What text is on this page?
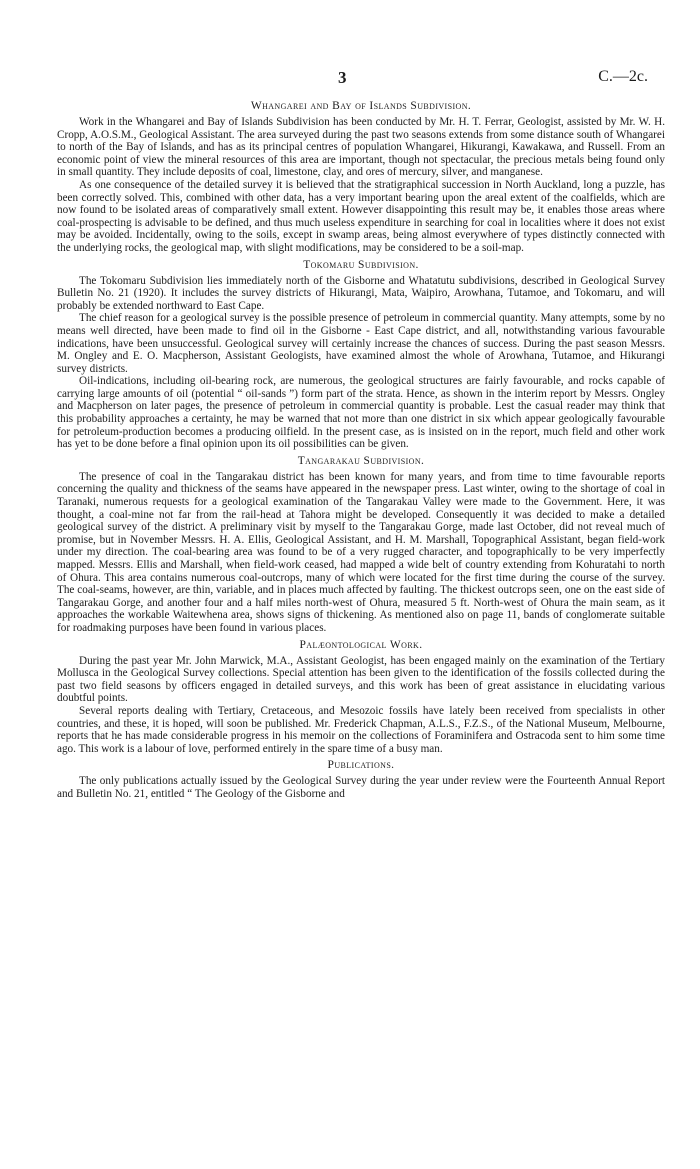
3	C.—2c.
Whangarei and Bay of Islands Subdivision.

Work in the Whangarei and Bay of Islands Subdivision has been conducted by Mr. H. T. Ferrar, Geologist, assisted by Mr. W. H. Cropp, A.O.S.M., Geological Assistant. The area surveyed during the past two seasons extends from some distance south of Whangarei to north of the Bay of Islands, and has as its principal centres of population Whangarei, Hikurangi, Kawakawa, and Russell. From an economic point of view the mineral resources of this area are important, though not spectacular, the precious metals being found only in small quantity. They include deposits of coal, limestone, clay, and ores of mercury, silver, and manganese.

As one consequence of the detailed survey it is believed that the stratigraphical succession in North Auckland, long a puzzle, has been correctly solved. This, combined with other data, has a very important bearing upon the areal extent of the coalfields, which are now found to be isolated areas of comparatively small extent. However disappointing this result may be, it enables those areas where coal-prospecting is advisable to be defined, and thus much useless expenditure in searching for coal in localities where it does not exist may be avoided. Incidentally, owing to the soils, except in swamp areas, being almost everywhere of types distinctly connected with the underlying rocks, the geological map, with slight modifications, may be considered to be a soil-map.

Tokomaru Subdivision.

The Tokomaru Subdivision lies immediately north of the Gisborne and Whatatutu subdivisions, described in Geological Survey Bulletin No. 21 (1920). It includes the survey districts of Hikurangi, Mata, Waipiro, Arowhana, Tutamoe, and Tokomaru, and will probably be extended northward to East Cape.

The chief reason for a geological survey is the possible presence of petroleum in commercial quantity. Many attempts, some by no means well directed, have been made to find oil in the Gisborne - East Cape district, and all, notwithstanding various favourable indications, have been unsuccessful. Geological survey will certainly increase the chances of success. During the past season Messrs. M. Ongley and E. O. Macpherson, Assistant Geologists, have examined almost the whole of Arowhana, Tutamoe, and Hikurangi survey districts.

Oil-indications, including oil-bearing rock, are numerous, the geological structures are fairly favourable, and rocks capable of carrying large amounts of oil (potential “ oil-sands ”) form part of the strata. Hence, as shown in the interim report by Messrs. Ongley and Macpherson on later pages, the presence of petroleum in commercial quantity is probable. Lest the casual reader may think that this probability approaches a certainty, he may be warned that not more than one district in six which appear geologically favourable for petroleum-production becomes a producing oilfield. In the present case, as is insisted on in the report, much field and other work has yet to be done before a final opinion upon its oil possibilities can be given.

Tangarakau Subdivision.

The presence of coal in the Tangarakau district has been known for many years, and from time to time favourable reports concerning the quality and thickness of the seams have appeared in the newspaper press. Last winter, owing to the shortage of coal in Taranaki, numerous requests for a geological examination of the Tangarakau Valley were made to the Government. Here, it was thought, a coal-mine not far from the rail-head at Tahora might be developed. Consequently it was decided to make a detailed geological survey of the district. A preliminary visit by myself to the Tangarakau Gorge, made last October, did not reveal much of promise, but in November Messrs. H. A. Ellis, Geological Assistant, and H. M. Marshall, Topographical Assistant, began field-work under my direction. The coal-bearing area was found to be of a very rugged character, and topographically to be very imperfectly mapped. Messrs. Ellis and Marshall, when field-work ceased, had mapped a wide belt of country extending from Kohuratahi to north of Ohura. This area contains numerous coal-outcrops, many of which were located for the first time during the course of the survey. The coal-seams, however, are thin, variable, and in places much affected by faulting. The thickest outcrops seen, one on the east side of Tangarakau Gorge, and another four and a half miles north-west of Ohura, measured 5 ft. North-west of Ohura the main seam, as it approaches the workable Waitewhena area, shows signs of thickening. As mentioned also on page 11, bands of conglomerate suitable for roadmaking purposes have been found in various places.

Palæontological Work.

During the past year Mr. John Marwick, M.A., Assistant Geologist, has been engaged mainly on the examination of the Tertiary Mollusca in the Geological Survey collections. Special attention has been given to the identification of the fossils collected during the past two field seasons by officers engaged in detailed surveys, and this work has been of great assistance in elucidating various doubtful points.

Several reports dealing with Tertiary, Cretaceous, and Mesozoic fossils have lately been received from specialists in other countries, and these, it is hoped, will soon be published. Mr. Frederick Chapman, A.L.S., F.Z.S., of the National Museum, Melbourne, reports that he has made considerable progress in his memoir on the collections of Foraminifera and Ostracoda sent to him some time ago. This work is a labour of love, performed entirely in the spare time of a busy man.

Publications.

The only publications actually issued by the Geological Survey during the year under review were the Fourteenth Annual Report and Bulletin No. 21, entitled “ The Geology of the Gisborne and
